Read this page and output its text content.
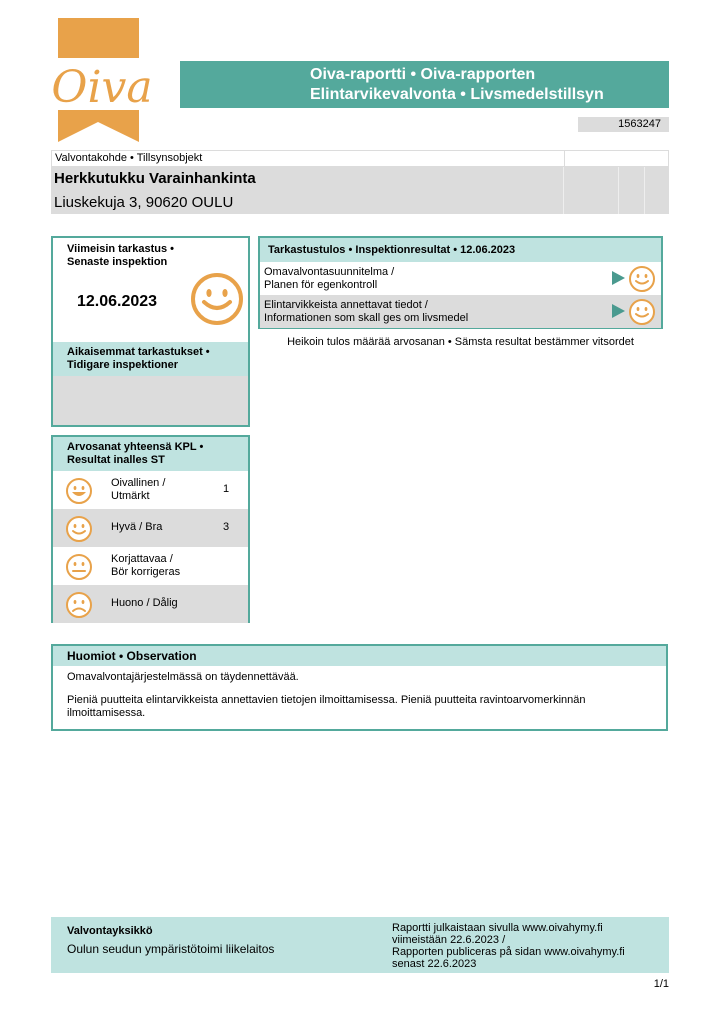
Oiva	Oiva-raportti • Oiva-rapporten
Elintarvikevalvonta • Livsmedelstillsyn
1563247
Valvontakohde • Tillsynsobjekt
Herkkutukku Varainhankinta
Liuskekuja 3, 90620 OULU
Viimeisin tarkastus •
Senaste inspektion
12.06.2023
Aikaisemmat tarkastukset •
Tidigare inspektioner
Arvosanat yhteensä KPL •
Resultat inalles ST
Oivallinen /
Utmärkt
1
Hyvä / Bra	3
Korjattavaa /
Bör korrigeras
Huono / Dålig
Tarkastustulos • Inspektionresultat • 12.06.2023
Omavalvontasuunnitelma /
Planen för egenkontroll
Elintarvikkeista annettavat tiedot /
Informationen som skall ges om livsmedel
Heikoin tulos määrää arvosanan • Sämsta resultat bestämmer vitsordet
Huomiot • Observation

Omavalvontajärjestelmässä on täydennettävää.

Pieniä puutteita elintarvikkeista annettavien tietojen ilmoittamisessa. Pieniä puutteita ravintoarvomerkinnän ilmoittamisessa.

Valvontayksikkö
Oulun seudun ympäristötoimi liikelaitos
Raportti julkaistaan sivulla www.oivahymy.fi
viimeistään 22.6.2023 /
Rapporten publiceras på sidan www.oivahymy.fi
senast 22.6.2023
1/1
